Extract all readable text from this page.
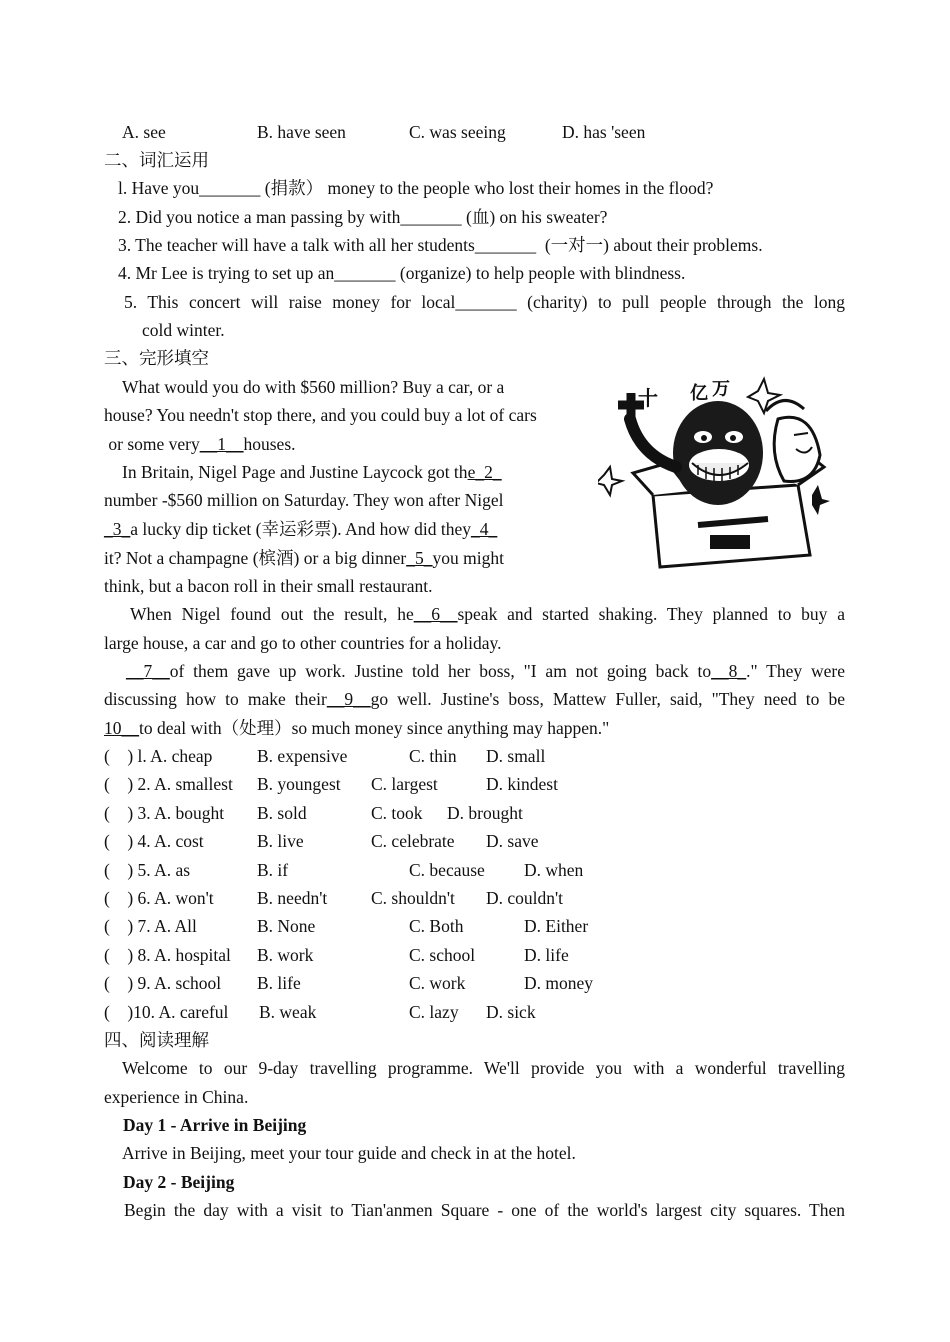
A. see	B. have seen	C. was seeing	D. has 'seen
二、词汇运用
l. Have you_______ (捐款） money to the people who lost their homes in the flood?
2. Did you notice a man passing by with_______ (血) on his sweater?
3. The teacher will have a talk with all her students_______  (一对一) about their problems.
4. Mr Lee is trying to set up an_______ (organize) to help people with blindness.
5. This concert will raise money for local_______ (charity) to pull people through the long
cold winter.
三、完形填空
What would you do with $560 million? Buy a car, or a
house? You needn't stop there, and you could buy a lot of cars
or some very__1__houses.
In Britain, Nigel Page and Justine Laycock got the_2_
number -$560 million on Saturday. They won after Nigel
_3_a lucky dip ticket (幸运彩票). And how did they_4_
it? Not a champagne (槟酒) or a big dinner_5_you might
think, but a bacon roll in their small restaurant.
When Nigel found out the result, he__6__speak and started shaking. They planned to buy a
large house, a car and go to other countries for a holiday.
__7__of them gave up work. Justine told her boss, "I am not going back to__8_." They were
discussing how to make their__9__go well. Justine's boss, Mattew Fuller, said, "They need to be
10__to deal with（处理）so much money since anything may happen."
十 亿 万
(    ) l. A. cheap	B. expensive	C. thin D. small
(    ) 2. A. smallest B. youngest C. largest	D. kindest
(    ) 3. A. bought B. sold	C. took D. brought
(    ) 4. A. cost	B. live	C. celebrate D. save
(    ) 5. A. as	B. if	C. because D. when
(    ) 6. A. won't B. needn't	C. shouldn't D. couldn't
(    ) 7. A. All	B. None	C. Both	D. Either
(    ) 8. A. hospital B. work	C. school	D. life
(    ) 9. A. school B. life	C. work	D. money
(    )10. A. careful B. weak	C. lazy D. sick
四、阅读理解
Welcome to our 9-day travelling programme. We'll provide you with a wonderful travelling
experience in China.
Day 1 - Arrive in Beijing
Arrive in Beijing, meet your tour guide and check in at the hotel.
Day 2 - Beijing
Begin the day with a visit to Tian'anmen Square - one of the world's largest city squares. Then
